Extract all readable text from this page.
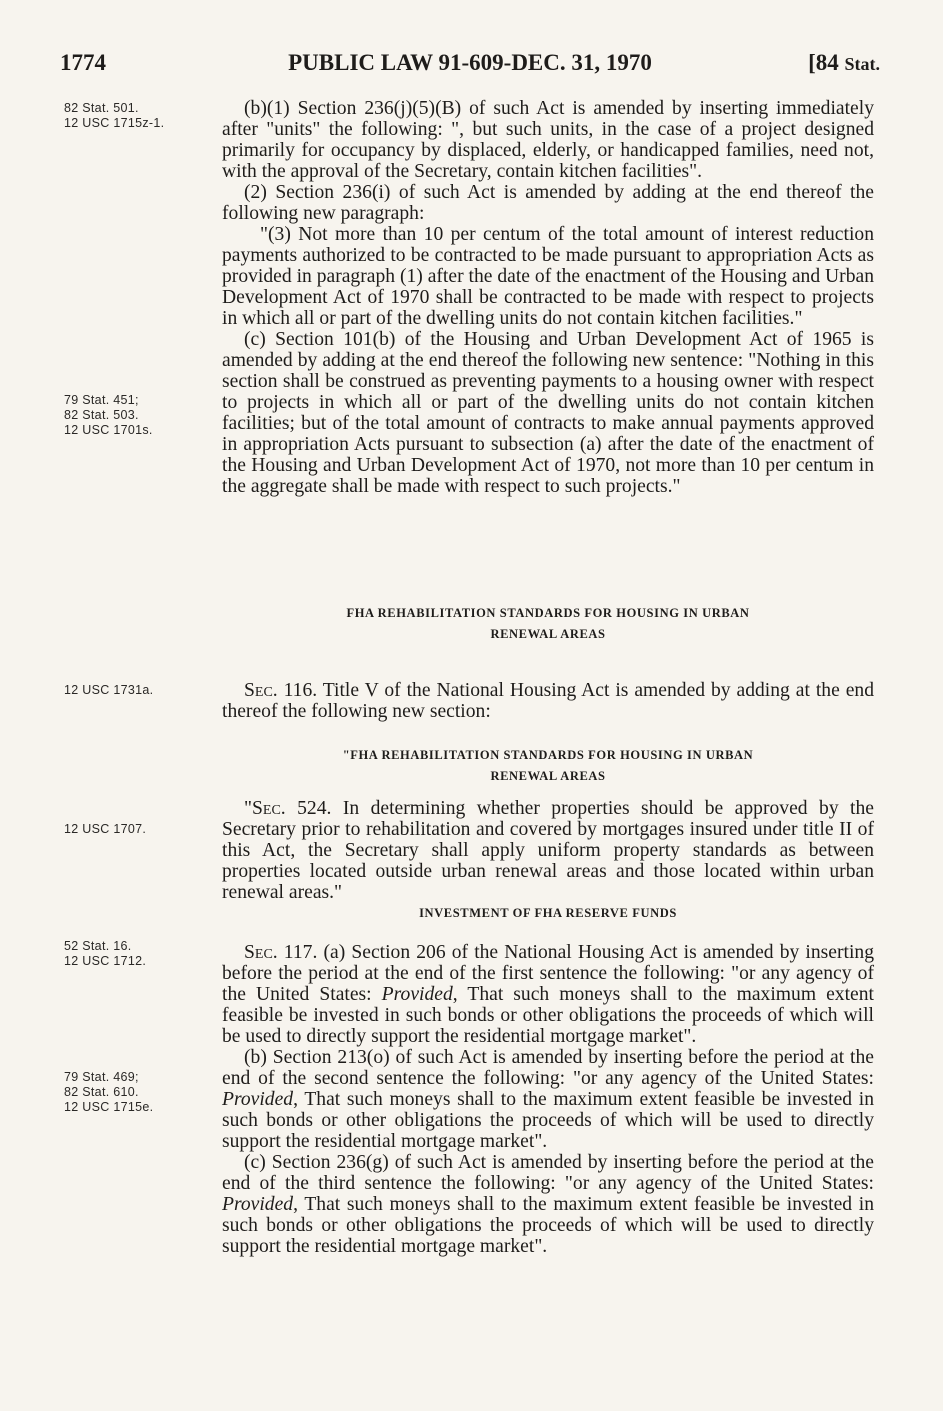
1774	PUBLIC LAW 91-609-DEC. 31, 1970	[84 Stat.
82 Stat. 501.
12 USC 1715z-1.
79 Stat. 451;
82 Stat. 503.
12 USC 1701s.
12 USC 1731a.
12 USC 1707.
52 Stat. 16.
12 USC 1712.
79 Stat. 469;
82 Stat. 610.
12 USC 1715e.

(b)(1) Section 236(j)(5)(B) of such Act is amended by inserting immediately after "units" the following: ", but such units, in the case of a project designed primarily for occupancy by displaced, elderly, or handicapped families, need not, with the approval of the Secretary, contain kitchen facilities".

(2) Section 236(i) of such Act is amended by adding at the end thereof the following new paragraph:

"(3) Not more than 10 per centum of the total amount of interest reduction payments authorized to be contracted to be made pursuant to appropriation Acts as provided in paragraph (1) after the date of the enactment of the Housing and Urban Development Act of 1970 shall be contracted to be made with respect to projects in which all or part of the dwelling units do not contain kitchen facilities."

(c) Section 101(b) of the Housing and Urban Development Act of 1965 is amended by adding at the end thereof the following new sentence: "Nothing in this section shall be construed as preventing payments to a housing owner with respect to projects in which all or part of the dwelling units do not contain kitchen facilities; but of the total amount of contracts to make annual payments approved in appropriation Acts pursuant to subsection (a) after the date of the enactment of the Housing and Urban Development Act of 1970, not more than 10 per centum in the aggregate shall be made with respect to such projects."

FHA REHABILITATION STANDARDS FOR HOUSING IN URBAN
RENEWAL AREAS

Sec. 116. Title V of the National Housing Act is amended by adding at the end thereof the following new section:

"FHA REHABILITATION STANDARDS FOR HOUSING IN URBAN
RENEWAL AREAS

"Sec. 524. In determining whether properties should be approved by the Secretary prior to rehabilitation and covered by mortgages insured under title II of this Act, the Secretary shall apply uniform property standards as between properties located outside urban renewal areas and those located within urban renewal areas."

INVESTMENT OF FHA RESERVE FUNDS

Sec. 117. (a) Section 206 of the National Housing Act is amended by inserting before the period at the end of the first sentence the following: "or any agency of the United States: Provided, That such moneys shall to the maximum extent feasible be invested in such bonds or other obligations the proceeds of which will be used to directly support the residential mortgage market".

(b) Section 213(o) of such Act is amended by inserting before the period at the end of the second sentence the following: "or any agency of the United States: Provided, That such moneys shall to the maximum extent feasible be invested in such bonds or other obligations the proceeds of which will be used to directly support the residential mortgage market".

(c) Section 236(g) of such Act is amended by inserting before the period at the end of the third sentence the following: "or any agency of the United States: Provided, That such moneys shall to the maximum extent feasible be invested in such bonds or other obligations the proceeds of which will be used to directly support the residential mortgage market".
